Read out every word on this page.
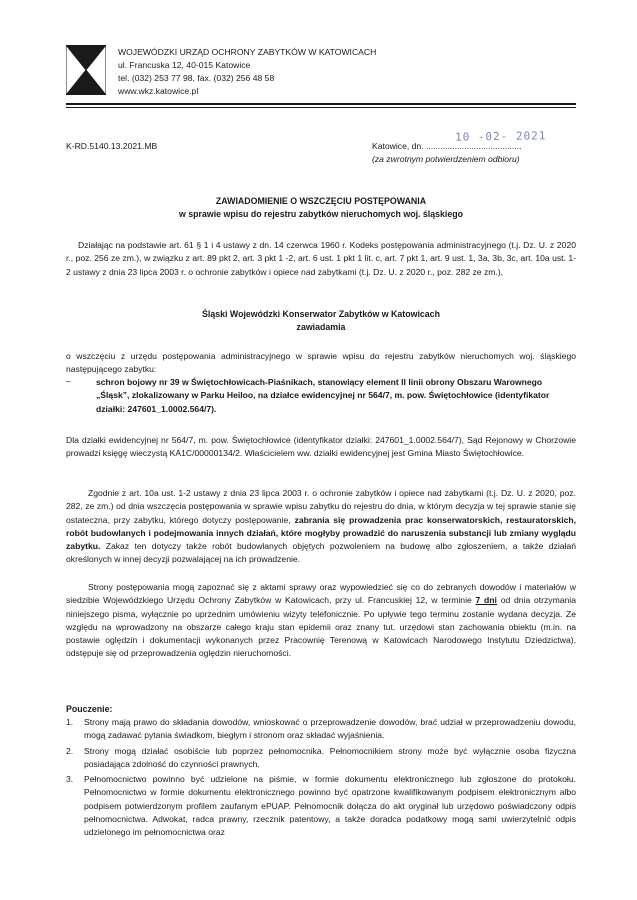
WOJEWÓDZKI URZĄD OCHRONY ZABYTKÓW W KATOWICACH
ul. Francuska 12, 40-015 Katowice
tel. (032) 253 77 98, fax. (032) 256 48 58
www.wkz.katowice.pl
K-RD.5140.13.2021.MB
10 -02- 2021
Katowice, dn. ........................................
(za zwrotnym potwierdzeniem odbioru)
ZAWIADOMIENIE O WSZCZĘCIU POSTĘPOWANIA
w sprawie wpisu do rejestru zabytków nieruchomych woj. śląskiego
Działając na podstawie art. 61 § 1 i 4 ustawy z dn. 14 czerwca 1960 r. Kodeks postępowania administracyjnego (t.j. Dz. U. z 2020 r., poz. 256 ze zm.), w związku z art. 89 pkt 2, art. 3 pkt 1 -2, art. 6 ust. 1 pkt 1 lit. c, art. 7 pkt 1, art. 9 ust. 1, 3a, 3b, 3c, art. 10a ust. 1-2 ustawy z dnia 23 lipca 2003 r. o ochronie zabytków i opiece nad zabytkami (t.j. Dz. U. z 2020 r., poz. 282 ze zm.),
Śląski Wojewódzki Konserwator Zabytków w Katowicach
zawiadamia
o wszczęciu z urzędu postępowania administracyjnego w sprawie wpisu do rejestru zabytków nieruchomych woj. śląskiego następującego zabytku:
–	schron bojowy nr 39 w Świętochłowicach-Piaśnikach, stanowiący element II linii obrony Obszaru Warownego „Śląsk”, zlokalizowany w Parku Heiloo, na działce ewidencyjnej nr 564/7, m. pow. Świętochłowice (identyfikator działki: 247601_1.0002.564/7).
Dla działki ewidencyjnej nr 564/7, m. pow. Świętochłowice (identyfikator działki: 247601_1.0002.564/7), Sąd Rejonowy w Chorzowie prowadzi księgę wieczystą KA1C/00000134/2. Właścicielem ww. działki ewidencyjnej jest Gmina Miasto Świętochłowice.
Zgodnie z art. 10a ust. 1-2 ustawy z dnia 23 lipca 2003 r. o ochronie zabytków i opiece nad zabytkami (t.j. Dz. U. z 2020, poz. 282, ze zm.) od dnia wszczęcia postępowania w sprawie wpisu zabytku do rejestru do dnia, w którym decyzja w tej sprawie stanie się ostateczna, przy zabytku, którego dotyczy postępowanie, zabrania się prowadzenia prac konserwatorskich, restauratorskich, robót budowlanych i podejmowania innych działań, które mogłyby prowadzić do naruszenia substancji lub zmiany wyglądu zabytku. Zakaz ten dotyczy także robót budowlanych objętych pozwoleniem na budowę albo zgłoszeniem, a także działań określonych w innej decyzji pozwalającej na ich prowadzenie.
Strony postępowania mogą zapoznać się z aktami sprawy oraz wypowiedzieć się co do zebranych dowodów i materiałów w siedzibie Wojewódzkiego Urzędu Ochrony Zabytków w Katowicach, przy ul. Francuskiej 12, w terminie 7 dni od dnia otrzymania niniejszego pisma, wyłącznie po uprzednim umówieniu wizyty telefonicznie. Po upływie tego terminu zostanie wydana decyzja. Ze względu na wprowadzony na obszarze całego kraju stan epidemii oraz znany tut. urzędowi stan zachowania obiektu (m.in. na postawie oględzin i dokumentacji wykonanych przez Pracownię Terenową w Katowicach Narodowego Instytutu Dziedzictwa), odstępuje się od przeprowadzenia oględzin nieruchomości.
Pouczenie:
1. Strony mają prawo do składania dowodów, wnioskować o przeprowadzenie dowodów, brać udział w przeprowadzeniu dowodu, mogą zadawać pytania świadkom, biegłym i stronom oraz składać wyjaśnienia.
2. Strony mogą działać osobiście lub poprzez pełnomocnika. Pełnomocnikiem strony może być wyłącznie osoba fizyczna posiadająca zdolność do czynności prawnych.
3. Pełnomocnictwo powinno być udzielone na piśmie, w formie dokumentu elektronicznego lub zgłoszone do protokołu. Pełnomocnictwo w formie dokumentu elektronicznego powinno być opatrzone kwalifikowanym podpisem elektronicznym albo podpisem potwierdzonym profilem zaufanym ePUAP. Pełnomocnik dołącza do akt oryginał lub urzędowo poświadczony odpis pełnomocnictwa. Adwokat, radca prawny, rzecznik patentowy, a także doradca podatkowy mogą sami uwierzytelnić odpis udzielonego im pełnomocnictwa oraz
